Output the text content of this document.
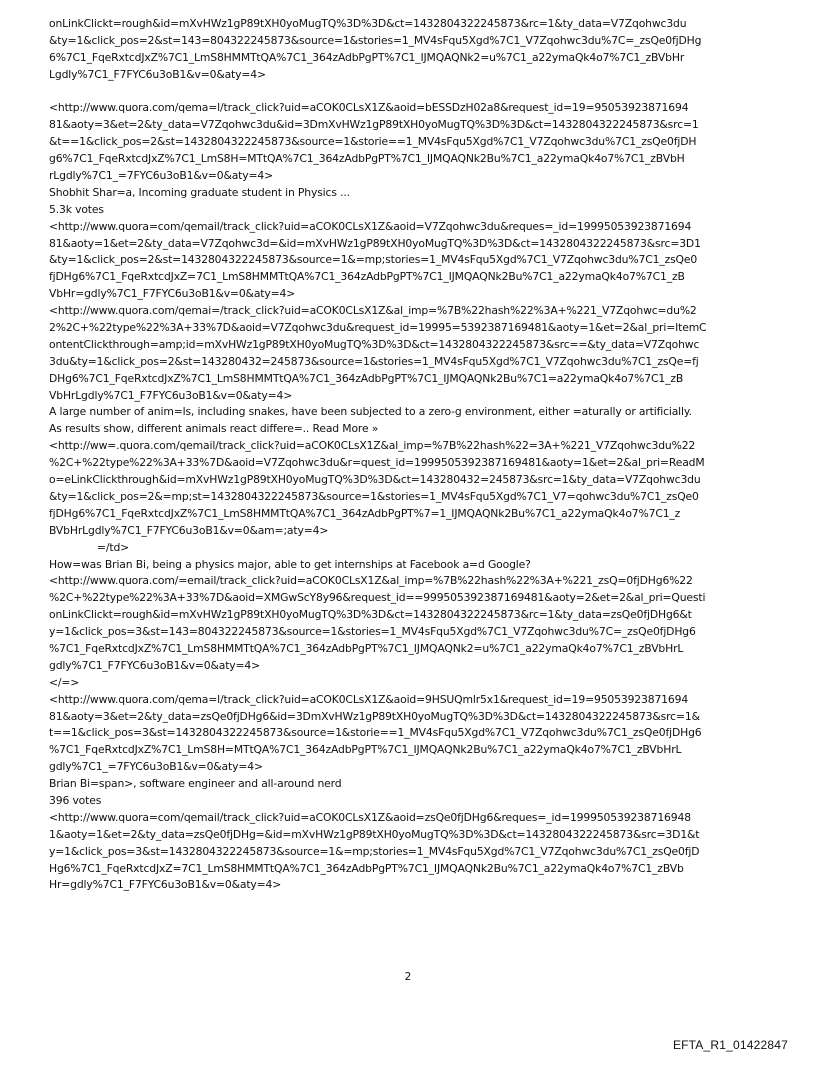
onLinkClickt=rough&id=mXvHWz1gP89tXH0yoMugTQ%3D%3D&ct=1432804322245873&rc=1&ty_data=V7Zqohwc3du
&ty=1&click_pos=2&st=143=804322245873&source=1&stories=1_MV4sFqu5Xgd%7C1_V7Zqohwc3du%7C=_zsQe0fjDHg
6%7C1_FqeRxtcdJxZ%7C1_LmS8HMMTtQA%7C1_364zAdbPgPT%7C1_IJMQAQNk2=u%7C1_a22ymaQk4o7%7C1_zBVbHr
Lgdly%7C1_F7FYC6u3oB1&v=0&aty=4>
<http://www.quora.com/qema=l/track_click?uid=aCOK0CLsX1Z&aoid=bESSDzH02a8&request_id=19=95053923871694
81&aoty=3&et=2&ty_data=V7Zqohwc3du&id=3DmXvHWz1gP89tXH0yoMugTQ%3D%3D&ct=1432804322245873&src=1
&t==1&click_pos=2&st=1432804322245873&source=1&storie==1_MV4sFqu5Xgd%7C1_V7Zqohwc3du%7C1_zsQe0fjDH
g6%7C1_FqeRxtcdJxZ%7C1_LmS8H=MTtQA%7C1_364zAdbPgPT%7C1_IJMQAQNk2Bu%7C1_a22ymaQk4o7%7C1_zBVbH
rLgdly%7C1_=7FYC6u3oB1&v=0&aty=4>
Shobhit Shar=a, Incoming graduate student in Physics ...
5.3k votes
<http://www.quora=com/qemail/track_click?uid=aCOK0CLsX1Z&aoid=V7Zqohwc3du&reques=_id=19995053923871694
81&aoty=1&et=2&ty_data=V7Zqohwc3d=&id=mXvHWz1gP89tXH0yoMugTQ%3D%3D&ct=1432804322245873&src=3D1
&ty=1&click_pos=2&st=1432804322245873&source=1&=mp;stories=1_MV4sFqu5Xgd%7C1_V7Zqohwc3du%7C1_zsQe0
fjDHg6%7C1_FqeRxtcdJxZ=7C1_LmS8HMMTtQA%7C1_364zAdbPgPT%7C1_IJMQAQNk2Bu%7C1_a22ymaQk4o7%7C1_zB
VbHr=gdly%7C1_F7FYC6u3oB1&v=0&aty=4>
<http://www.quora.com/qemai=/track_click?uid=aCOK0CLsX1Z&al_imp=%7B%22hash%22%3A+%221_V7Zqohwc=du%2
2%2C+%22type%22%3A+33%7D&aoid=V7Zqohwc3du&request_id=19995=5392387169481&aoty=1&et=2&al_pri=ItemC
ontentClickthrough=amp;id=mXvHWz1gP89tXH0yoMugTQ%3D%3D&ct=1432804322245873&src==&ty_data=V7Zqohwc
3du&ty=1&click_pos=2&st=143280432=245873&source=1&stories=1_MV4sFqu5Xgd%7C1_V7Zqohwc3du%7C1_zsQe=fj
DHg6%7C1_FqeRxtcdJxZ%7C1_LmS8HMMTtQA%7C1_364zAdbPgPT%7C1_IJMQAQNk2Bu%7C1=a22ymaQk4o7%7C1_zB
VbHrLgdly%7C1_F7FYC6u3oB1&v=0&aty=4>
A large number of anim=ls, including snakes, have been subjected to a zero-g environment, either =aturally or artificially.
As results show, different animals react differe=.. Read More »
<http://ww=.quora.com/qemail/track_click?uid=aCOK0CLsX1Z&al_imp=%7B%22hash%22=3A+%221_V7Zqohwc3du%22
%2C+%22type%22%3A+33%7D&aoid=V7Zqohwc3du&r=quest_id=1999505392387169481&aoty=1&et=2&al_pri=ReadM
o=eLinkClickthrough&id=mXvHWz1gP89tXH0yoMugTQ%3D%3D&ct=143280432=245873&src=1&ty_data=V7Zqohwc3du
&ty=1&click_pos=2&=mp;st=1432804322245873&source=1&stories=1_MV4sFqu5Xgd%7C1_V7=qohwc3du%7C1_zsQe0
fjDHg6%7C1_FqeRxtcdJxZ%7C1_LmS8HMMTtQA%7C1_364zAdbPgPT%7=1_IJMQAQNk2Bu%7C1_a22ymaQk4o7%7C1_z
BVbHrLgdly%7C1_F7FYC6u3oB1&v=0&am=;aty=4>
=/td>
How=was Brian Bi, being a physics major, able to get internships at Facebook a=d Google?
<http://www.quora.com/=email/track_click?uid=aCOK0CLsX1Z&al_imp=%7B%22hash%22%3A+%221_zsQ=0fjDHg6%22
%2C+%22type%22%3A+33%7D&aoid=XMGwScY8y96&request_id==999505392387169481&aoty=2&et=2&al_pri=Questi
onLinkClickt=rough&id=mXvHWz1gP89tXH0yoMugTQ%3D%3D&ct=1432804322245873&rc=1&ty_data=zsQe0fjDHg6&t
y=1&click_pos=3&st=143=804322245873&source=1&stories=1_MV4sFqu5Xgd%7C1_V7Zqohwc3du%7C=_zsQe0fjDHg6
%7C1_FqeRxtcdJxZ%7C1_LmS8HMMTtQA%7C1_364zAdbPgPT%7C1_IJMQAQNk2=u%7C1_a22ymaQk4o7%7C1_zBVbHrL
gdly%7C1_F7FYC6u3oB1&v=0&aty=4>
</=>
<http://www.quora.com/qema=l/track_click?uid=aCOK0CLsX1Z&aoid=9HSUQmlr5x1&request_id=19=95053923871694
81&aoty=3&et=2&ty_data=zsQe0fjDHg6&id=3DmXvHWz1gP89tXH0yoMugTQ%3D%3D&ct=1432804322245873&src=1&
t==1&click_pos=3&st=1432804322245873&source=1&storie==1_MV4sFqu5Xgd%7C1_V7Zqohwc3du%7C1_zsQe0fjDHg6
%7C1_FqeRxtcdJxZ%7C1_LmS8H=MTtQA%7C1_364zAdbPgPT%7C1_IJMQAQNk2Bu%7C1_a22ymaQk4o7%7C1_zBVbHrL
gdly%7C1_=7FYC6u3oB1&v=0&aty=4>
Brian Bi=span>, software engineer and all-around nerd
396 votes
<http://www.quora=com/qemail/track_click?uid=aCOK0CLsX1Z&aoid=zsQe0fjDHg6&reques=_id=199950539238716948
1&aoty=1&et=2&ty_data=zsQe0fjDHg=&id=mXvHWz1gP89tXH0yoMugTQ%3D%3D&ct=1432804322245873&src=3D1&t
y=1&click_pos=3&st=1432804322245873&source=1&=mp;stories=1_MV4sFqu5Xgd%7C1_V7Zqohwc3du%7C1_zsQe0fjD
Hg6%7C1_FqeRxtcdJxZ=7C1_LmS8HMMTtQA%7C1_364zAdbPgPT%7C1_IJMQAQNk2Bu%7C1_a22ymaQk4o7%7C1_zBVb
Hr=gdly%7C1_F7FYC6u3oB1&v=0&aty=4>
2
EFTA_R1_01422847
